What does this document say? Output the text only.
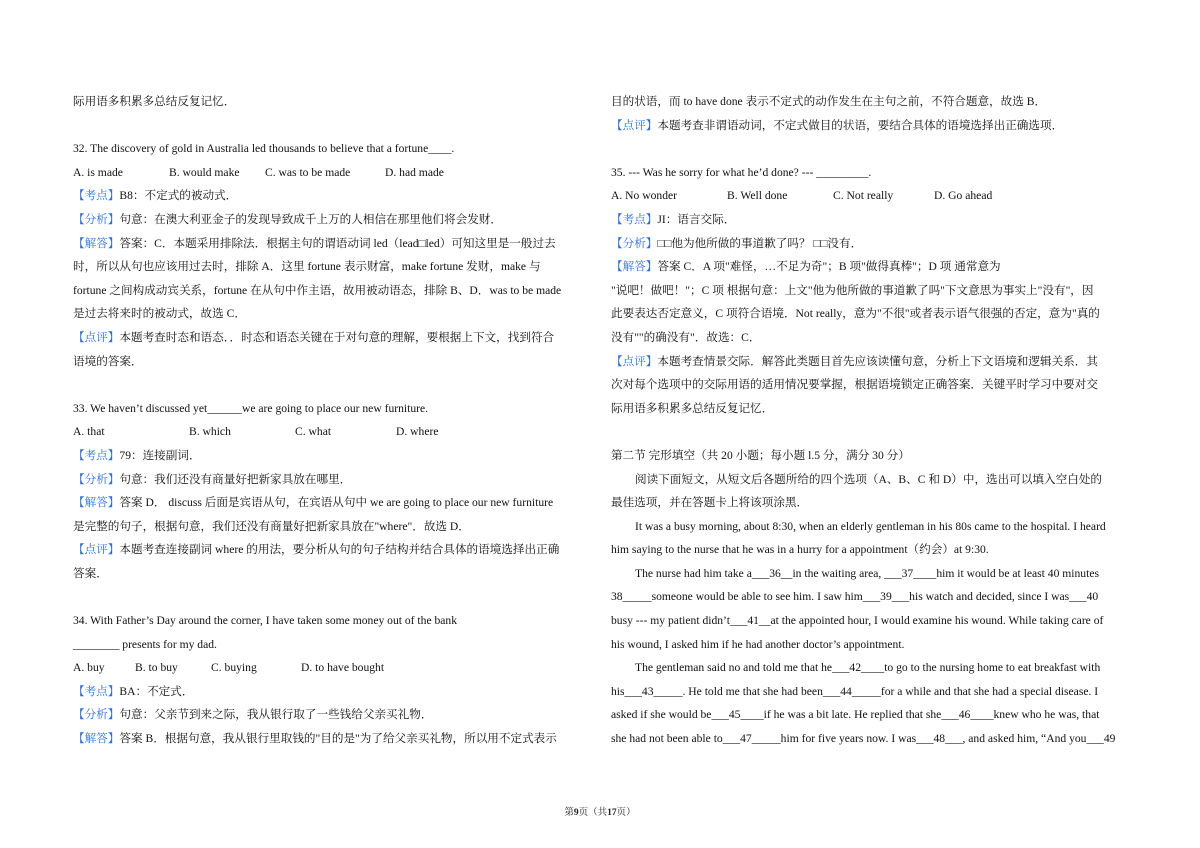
际用语多积累多总结反复记忆．
32. The discovery of gold in Australia led thousands to believe that a fortune____.
A. is made	B. would make	C. was to be made	D. had made
【考点】B8：不定式的被动式．
【分析】句意：在澳大利亚金子的发现导致成千上万的人相信在那里他们将会发财．
【解答】答案：C．本题采用排除法．根据主句的谓语动词 led（lead□led）可知这里是一般过去
时，所以从句也应该用过去时，排除 A．这里 fortune 表示财富，make fortune 发财，make 与
fortune 之间构成动宾关系，fortune 在从句中作主语，故用被动语态，排除 B、D．was to be made
是过去将来时的被动式，故选 C．
【点评】本题考查时态和语态．．时态和语态关键在于对句意的理解，要根据上下文，找到符合
语境的答案．
33. We haven’t discussed yet______we are going to place our new furniture.
A. that	B. which	C. what	D. where
【考点】79：连接副词．
【分析】句意：我们还没有商量好把新家具放在哪里．
【解答】答案 D． discuss 后面是宾语从句，在宾语从句中 we are going to place our new furniture
是完整的句子，根据句意，我们还没有商量好把新家具放在"where"．故选 D．
【点评】本题考查连接副词 where 的用法，要分析从句的句子结构并结合具体的语境选择出正确
答案．
34. With Father’s Day around the corner, I have taken some money out of the bank
________ presents for my dad.
A. buy	B. to buy	C. buying	D. to have bought
【考点】BA：不定式．
【分析】句意：父亲节到来之际，我从银行取了一些钱给父亲买礼物．
【解答】答案 B．根据句意，我从银行里取钱的"目的是"为了给父亲买礼物，所以用不定式表示
目的状语，而 to have done 表示不定式的动作发生在主句之前，不符合题意，故选 B．
【点评】本题考查非谓语动词，不定式做目的状语，要结合具体的语境选择出正确选项．
35. --- Was he sorry for what he’d done? --- _________.
A. No wonder	B. Well done	C. Not really	D. Go ahead
【考点】JI：语言交际．
【分析】□□他为他所做的事道歉了吗？ □□没有．
【解答】答案 C．A 项"难怪，…不足为奇"；B 项"做得真棒"；D 项 通常意为
"说吧！做吧！"；C 项 根据句意：上文"他为他所做的事道歉了吗"下文意思为事实上"没有"，因
此要表达否定意义，C 项符合语境．Not really，意为"不很"或者表示语气很强的否定，意为"真的
没有""的确没有"．故选：C．
【点评】本题考查情景交际．解答此类题目首先应该读懂句意，分析上下文语境和逻辑关系．其
次对每个选项中的交际用语的适用情况要掌握，根据语境锁定正确答案．关键平时学习中要对交
际用语多积累多总结反复记忆．
第二节 完形填空（共 20 小题；每小题 l.5 分，满分 30 分）
阅读下面短文，从短文后各题所给的四个选项（A、B、C 和 D）中，选出可以填入空白处的
最佳选项，并在答题卡上将该项涂黑．
It was a busy morning, about 8:30, when an elderly gentleman in his 80s came to the hospital. I heard
him saying to the nurse that he was in a hurry for a appointment（约会）at 9:30.
The nurse had him take a___36__in the waiting area, ___37____him it would be at least 40 minutes
38_____someone would be able to see him. I saw him___39___his watch and decided, since I was___40
busy --- my patient didn’t___41__at the appointed hour, I would examine his wound. While taking care of
his wound, I asked him if he had another doctor’s appointment.
The gentleman said no and told me that he___42____to go to the nursing home to eat breakfast with
his___43_____. He told me that she had been___44_____for a while and that she had a special disease. I
asked if she would be___45____if he was a bit late. He replied that she___46____knew who he was, that
she had not been able to___47_____him for five years now. I was___48___, and asked him, “And you___49
第9页（共17页）
